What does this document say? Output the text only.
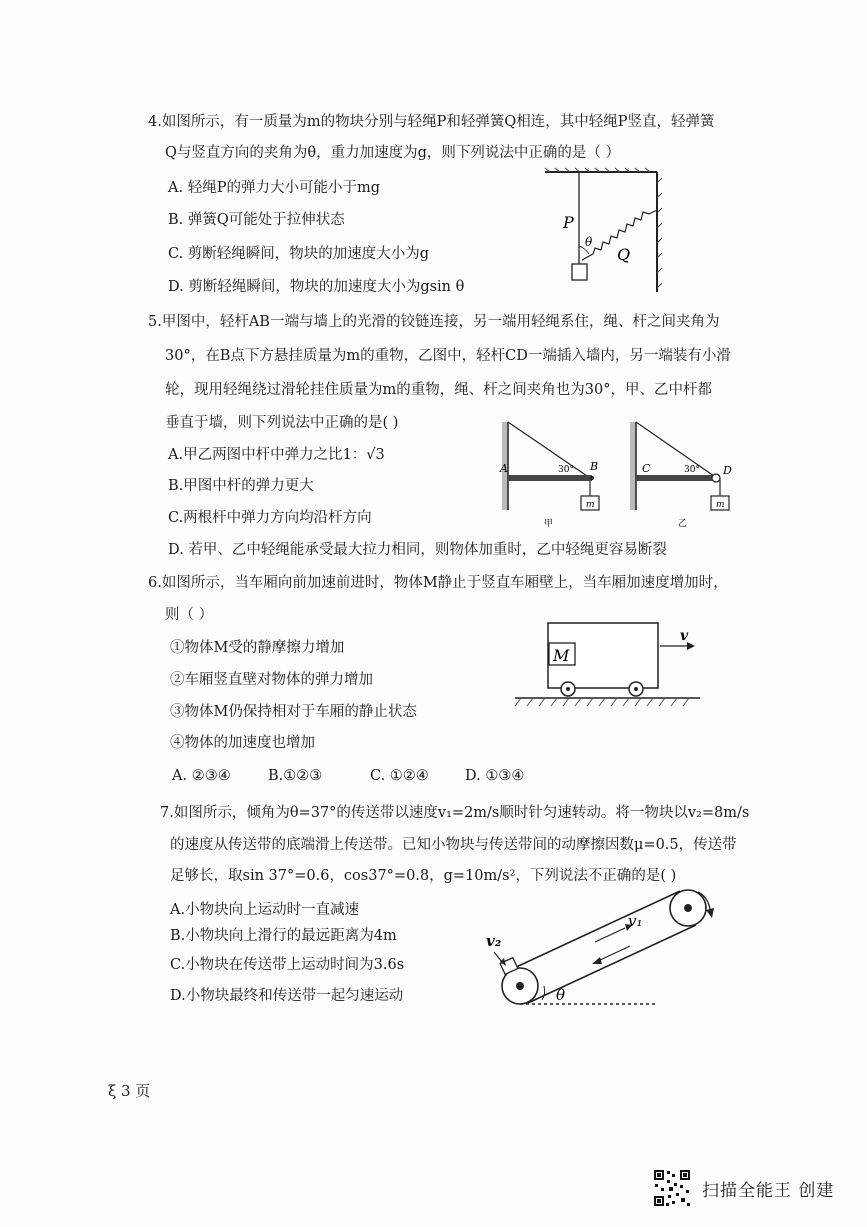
4.如图所示，有一质量为m的物块分别与轻绳P和轻弹簧Q相连，其中轻绳P竖直，轻弹簧
Q与竖直方向的夹角为θ，重力加速度为g，则下列说法中正确的是（ ）
A. 轻绳P的弹力大小可能小于mg
B. 弹簧Q可能处于拉伸状态
C. 剪断轻绳瞬间，物块的加速度大小为g
D. 剪断轻绳瞬间，物块的加速度大小为gsin θ
P
θ
Q
5.甲图中，轻杆AB一端与墙上的光滑的铰链连接，另一端用轻绳系住，绳、杆之间夹角为
30°，在B点下方悬挂质量为m的重物，乙图中，轻杆CD一端插入墙内，另一端装有小滑
轮，现用轻绳绕过滑轮挂住质量为m的重物，绳、杆之间夹角也为30°，甲、乙中杆都
垂直于墙，则下列说法中正确的是( )
A.甲乙两图中杆中弹力之比1：√3
B.甲图中杆的弹力更大
C.两根杆中弹力方向均沿杆方向
D. 若甲、乙中轻绳能承受最大拉力相同，则物体加重时，乙中轻绳更容易断裂
A	B
30°
m
甲
C	D
30°
m
乙
6.如图所示，当车厢向前加速前进时，物体M静止于竖直车厢壁上，当车厢加速度增加时，
则（ ）
①物体M受的静摩擦力增加
②车厢竖直壁对物体的弹力增加
③物体M仍保持相对于车厢的静止状态
④物体的加速度也增加
A. ②③④	B.①②③	C. ①②④ D. ①③④
M
v
7.如图所示，倾角为θ=37°的传送带以速度v₁=2m/s顺时针匀速转动。将一物块以v₂=8m/s
的速度从传送带的底端滑上传送带。已知小物块与传送带间的动摩擦因数μ=0.5，传送带
足够长，取sin 37°=0.6，cos37°=0.8，g=10m/s²，下列说法不正确的是( )
A.小物块向上运动时一直减速
B.小物块向上滑行的最远距离为4m
C.小物块在传送带上运动时间为3.6s
D.小物块最终和传送带一起匀速运动
v₁
v₂
θ
ξ 3 页
扫描全能王 创建
